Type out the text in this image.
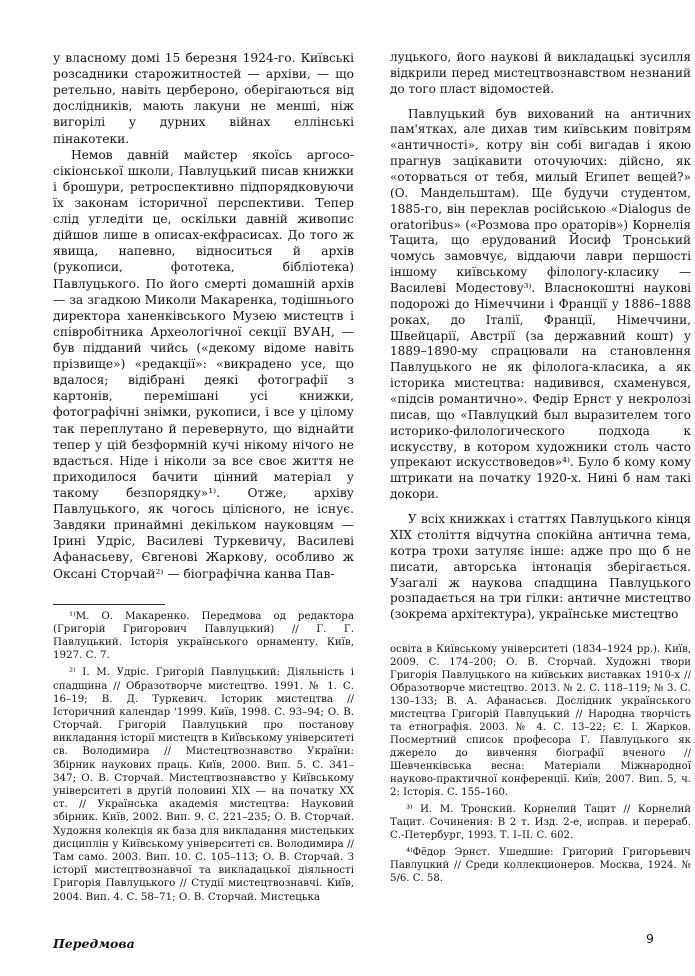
у власному домі 15 березня 1924-го. Київські розсадники старожитностей — архіви, — що ретельно, навіть цербероно, оберігаються від дослідників, мають лакуни не менші, ніж вигорілі у дурних війнах еллінські пінакотеки.

Немов давній майстер якоїсь аргосо-сікіонської школи, Павлуцький писав книжки і брошури, ретроспективно підпорядковуючи їх законам історичної перспективи. Тепер слід угледіти це, оскільки давній живопис дійшов лише в описах-екфрасисах. До того ж явища, напевно, відноситься й архів (рукописи, фототека, бібліотека) Павлуцького. По його смерті домашній архів — за згадкою Миколи Макаренка, тодішнього директора ханенківського Музею мистецтв і співробітника Археологічної секції ВУАН, — був підданий чийсь («декому відоме навіть прізвище») «редакції»: «викрадено усе, що вдалося; відібрані деякі фотографії з картонів, перемішані усі книжки, фотографічні знімки, рукописи, і все у цілому так переплутано й перевернуто, що віднайти тепер у цій безформній кучі нікому нічого не вдасться. Ніде і ніколи за все своє життя не приходилося бачити цінний матеріал у такому безпорядку»¹⁾. Отже, архіву Павлуцького, як чогось цілісного, не існує. Завдяки принаймні декільком науковцям — Ірині Удріс, Василеві Туркевичу, Василеві Афанасьеву, Євгенові Жаркову, особливо ж Оксані Сторчай²⁾ — біографічна канва Пав-

¹⁾М. О. Макаренко. Передмова од редактора (Григорій Григорович Павлуцький) // Г. Г. Павлуцький. Історія українського орнаменту. Київ, 1927. С. 7.

²⁾ І. М. Удріс. Григорій Павлуцький: Діяльність і спадщина // Образотворче мистецтво. 1991. № 1. С. 16–19; В. Д. Туркевич. Історик мистецтва // Історичний календар '1999. Київ, 1998. С. 93–94; О. В. Сторчай. Григорій Павлуцький про постанову викладання історії мистецтв в Київському університеті св. Володимира // Мистецтвознавство України: Збірник наукових праць. Київ, 2000. Вип. 5. С. 341–347; О. В. Сторчай. Мистецтвознавство у Київському університеті в другій половині XIX — на початку XX ст. // Українська академія мистецтва: Науковий збірник. Київ, 2002. Вип. 9. С. 221–235; О. В. Сторчай. Художня колекція як база для викладання мистецьких дисциплін у Київському університеті св. Володимира // Там само. 2003. Вип. 10. С. 105–113; О. В. Сторчай. З історії мистецтвознавчої та викладацької діяльності Григорія Павлуцького // Студії мистецтвознавчі. Київ, 2004. Вип. 4. С. 58–71; О. В. Сторчай. Мистецька

луцького, його наукові й викладацькі зусилля відкрили перед мистецтвознавством незнаний до того пласт відомостей.

Павлуцький був вихований на античних пам'ятках, але дихав тим київським повітрям «античності», котру він собі вигадав і якою прагнув зацікавити оточуючих: дійсно, як «оторваться от тебя, милый Египет вещей?» (О. Мандельштам). Ще будучи студентом, 1885-го, він переклав російською «Dialogus de oratoribus» («Розмова про ораторів») Корнелія Тацита, що ерудований Йосиф Тронський чомусь замовчує, віддаючи лаври першості іншому київському філологу-класику — Василеві Модестову³⁾. Власнокоштні наукові подорожі до Німеччини і Франції у 1886–1888 роках, до Італії, Франції, Німеччини, Швейцарії, Австрії (за державний кошт) у 1889–1890-му спрацювали на становлення Павлуцького не як філолога-класика, а як історика мистецтва: надивився, схаменувся, «підсів романтично». Федір Ернст у некролозі писав, що «Павлуцкий был выразителем того историко-филологического подхода к искусству, в котором художники столь часто упрекают искусствоведов»⁴⁾. Було б кому кому штрикати на початку 1920-х. Нині б нам такі докори.

У всіх книжках і статтях Павлуцького кінця XIX століття відчутна спокійна антична тема, котра трохи затуляє інше: адже про що б не писати, авторська інтонація зберігається. Узагалі ж наукова спадщина Павлуцького розпадається на три гілки: античне мистецтво (зокрема архітектура), українське мистецтво

освіта в Київському університеті (1834–1924 рр.). Київ, 2009. С. 174–200; О. В. Сторчай. Художні твори Григорія Павлуцького на київських виставках 1910-х // Образотворче мистецтво. 2013. № 2. С. 118–119; № 3. С. 130–133; В. А. Афанасьєв. Дослідник українського мистецтва Григорій Павлуцький // Народна творчість та етнографія. 2003. № 4. С. 13–22; Є. І. Жарков. Посмертний список професора Г. Павлуцького як джерело до вивчення біографії вченого // Шевченківська весна: Матеріали Міжнародної науково-практичної конференції. Київ, 2007. Вип. 5, ч. 2: Історія. С. 155–160.

³⁾ И. М. Тронский. Корнелий Тацит // Корнелий Тацит. Сочинения: В 2 т. Изд. 2-е, исправ. и перераб. С.-Петербург, 1993. Т. I–II. С. 602.

⁴⁾Фёдор Эрнст. Ушедшие: Григорий Григорьевич Павлуцкий // Среди коллекционеров. Москва, 1924. № 5/6. С. 58.

Передмова	9
